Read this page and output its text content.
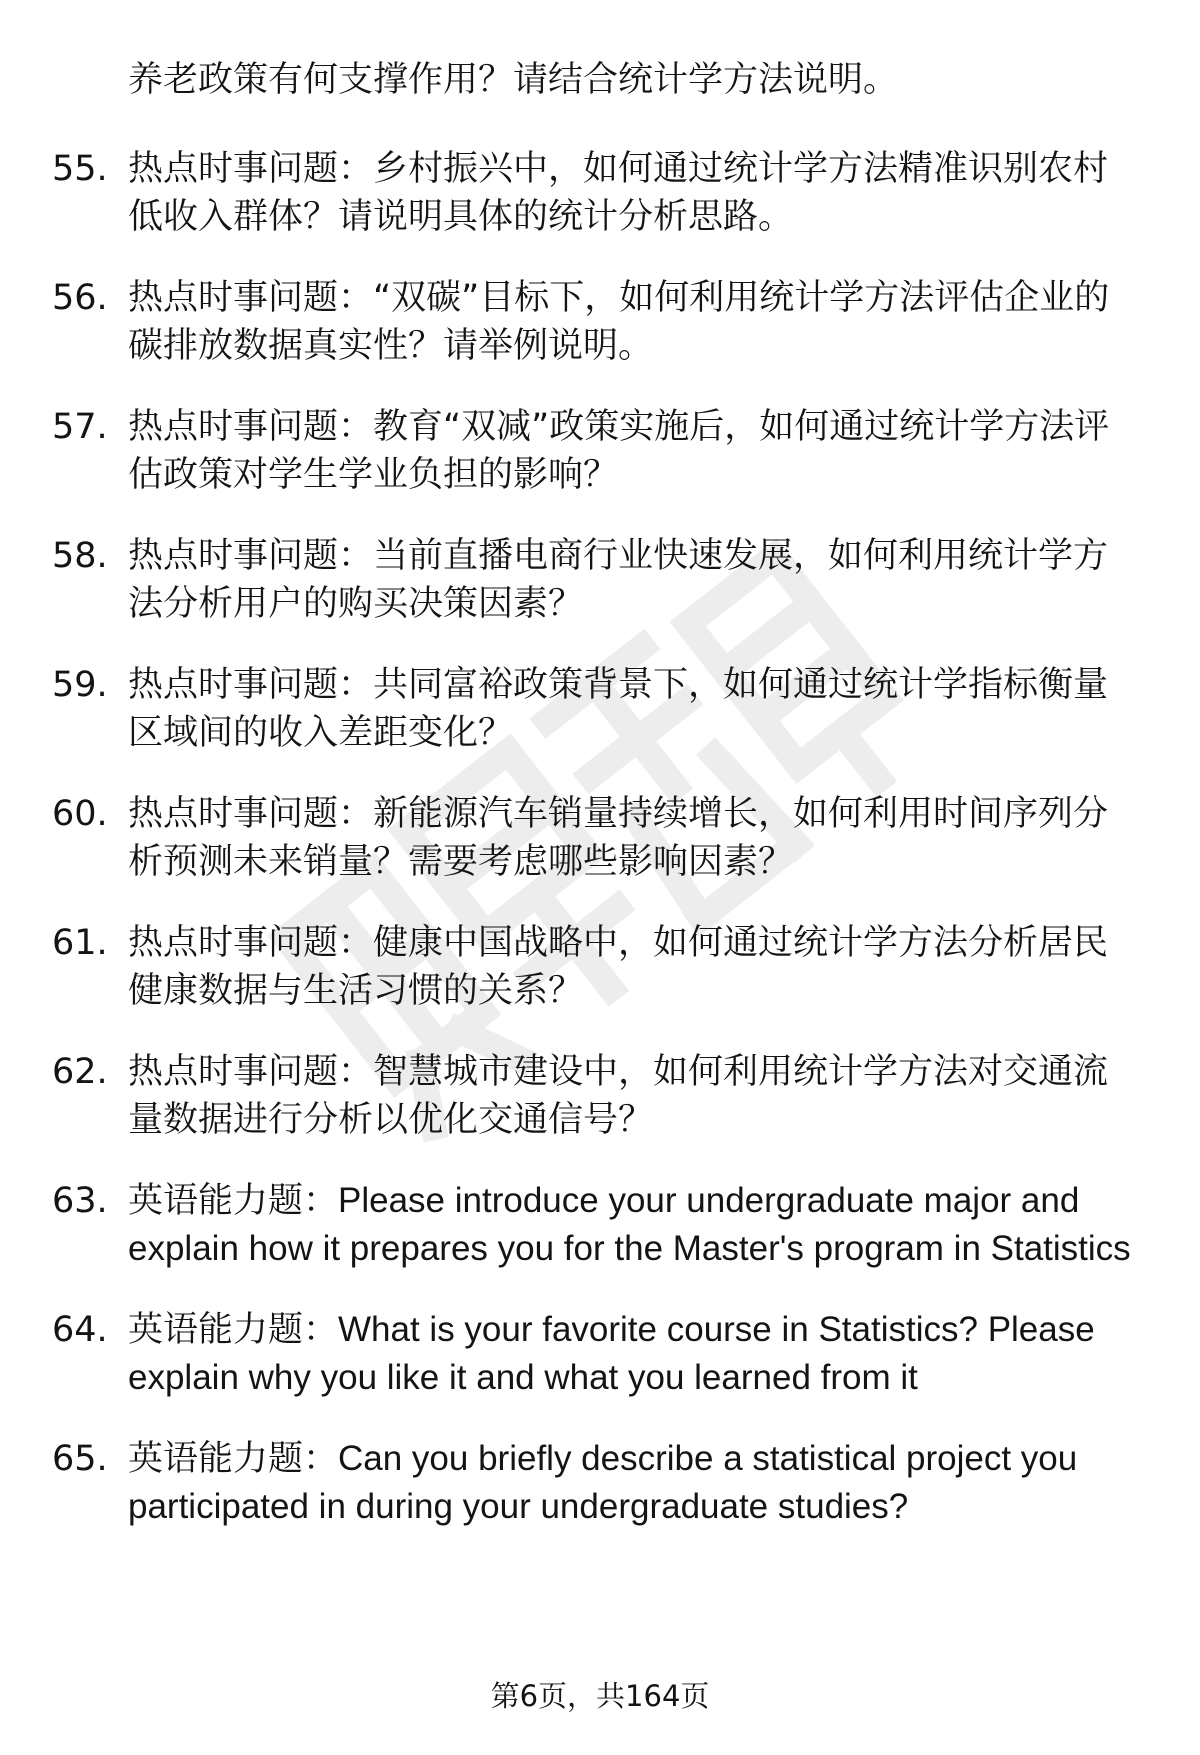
养老政策有何支撑作用？请结合统计学方法说明。
55. 热点时事问题：乡村振兴中，如何通过统计学方法精准识别农村低收入群体？请说明具体的统计分析思路。
56. 热点时事问题：“双碳”目标下，如何利用统计学方法评估企业的碳排放数据真实性？请举例说明。
57. 热点时事问题：教育“双减”政策实施后，如何通过统计学方法评估政策对学生学业负担的影响？
58. 热点时事问题：当前直播电商行业快速发展，如何利用统计学方法分析用户的购买决策因素？
59. 热点时事问题：共同富裕政策背景下，如何通过统计学指标衡量区域间的收入差距变化？
60. 热点时事问题：新能源汽车销量持续增长，如何利用时间序列分析预测未来销量？需要考虑哪些影响因素？
61. 热点时事问题：健康中国战略中，如何通过统计学方法分析居民健康数据与生活习惯的关系？
62. 热点时事问题：智慧城市建设中，如何利用统计学方法对交通流量数据进行分析以优化交通信号？
63. 英语能力题：Please introduce your undergraduate major and explain how it prepares you for the Master's program in Statistics
64. 英语能力题：What is your favorite course in Statistics? Please explain why you like it and what you learned from it
65. 英语能力题：Can you briefly describe a statistical project you participated in during your undergraduate studies?
第6页，共164页
